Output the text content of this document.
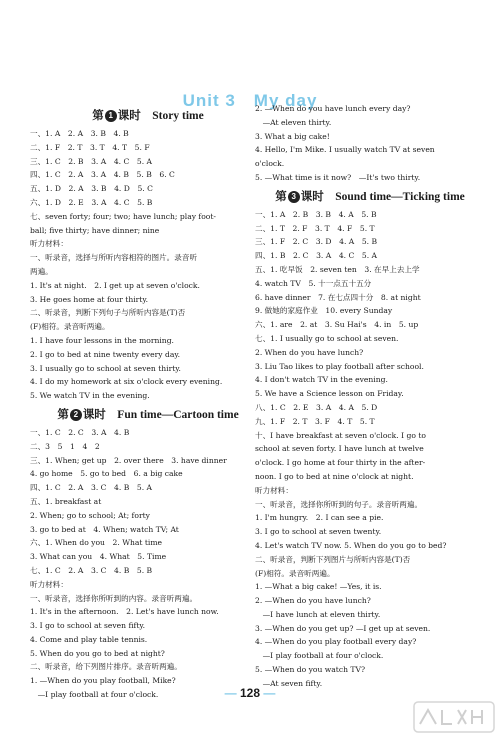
Unit 3　My day
第 1 课时　Story time
一、1. A　2. A　3. B　4. B
二、1. F　2. T　3. T　4. T　5. F
三、1. C　2. B　3. A　4. C　5. A
四、1. C　2. A　3. A　4. B　5. B　6. C
五、1. D　2. A　3. B　4. D　5. C
六、1. D　2. E　3. A　4. C　5. B
七、seven forty; four; two; have lunch; play foot-
ball; five thirty; have dinner; nine
听力材料：
一、听录音，选择与所听内容相符的图片。录音听
两遍。
1. It's at night.　2. I get up at seven o'clock.
3. He goes home at four thirty.
二、听录音，判断下列句子与所听内容是(T)否
(F)相符。录音听两遍。
1. I have four lessons in the morning.
2. I go to bed at nine twenty every day.
3. I usually go to school at seven thirty.
4. I do my homework at six o'clock every evening.
5. We watch TV in the evening.
第 2 课时　Fun time—Cartoon time
一、1. C　2. C　3. A　4. B
二、3　5　1　4　2
三、1. When; get up　2. over there　3. have dinner
4. go home　5. go to bed　6. a big cake
四、1. C　2. A　3. C　4. B　5. A
五、1. breakfast at
2. When; go to school; At; forty
3. go to bed at　4. When; watch TV; At
六、1. When do you　2. What time
3. What can you　4. What　5. Time
七、1. C　2. A　3. C　4. B　5. B
听力材料：
一、听录音，选择你所听到的内容。录音听两遍。
1. It's in the afternoon.　2. Let's have lunch now.
3. I go to school at seven fifty.
4. Come and play table tennis.
5. When do you go to bed at night?
二、听录音，给下列图片排序。录音听两遍。
1. —When do you play football, Mike?
　—I play football at four o'clock.
2. —When do you have lunch every day?
　—At eleven thirty.
3. What a big cake!
4. Hello, I'm Mike. I usually watch TV at seven
o'clock.
5. —What time is it now?　—It's two thirty.
第 3 课时　Sound time—Ticking time
一、1. A　2. B　3. B　4. A　5. B
二、1. T　2. F　3. T　4. F　5. T
三、1. F　2. C　3. D　4. A　5. B
四、1. B　2. C　3. A　4. C　5. A
五、1. 吃早饭　2. seven ten　3. 在早上去上学
4. watch TV　5. 十一点五十五分
6. have dinner　7. 在七点四十分　8. at night
9. 做她的家庭作业　10. every Sunday
六、1. are　2. at　3. Su Hai's　4. in　5. up
七、1. I usually go to school at seven.
2. When do you have lunch?
3. Liu Tao likes to play football after school.
4. I don't watch TV in the evening.
5. We have a Science lesson on Friday.
八、1. C　2. E　3. A　4. A　5. D
九、1. F　2. T　3. F　4. T　5. T
十、I have breakfast at seven o'clock. I go to
school at seven forty. I have lunch at twelve
o'clock. I go home at four thirty in the after-
noon. I go to bed at nine o'clock at night.
听力材料：
一、听录音，选择你所听到的句子。录音听两遍。
1. I'm hungry.　2. I can see a pie.
3. I go to school at seven twenty.
4. Let's watch TV now. 5. When do you go to bed?
二、听录音，判断下列图片与所听内容是(T)否
(F)相符。录音听两遍。
1. —What a big cake! —Yes, it is.
2. —When do you have lunch?
　—I have lunch at eleven thirty.
3. —When do you get up? —I get up at seven.
4. —When do you play football every day?
　—I play football at four o'clock.
5. —When do you watch TV?
　—At seven fifty.
— 128 —
